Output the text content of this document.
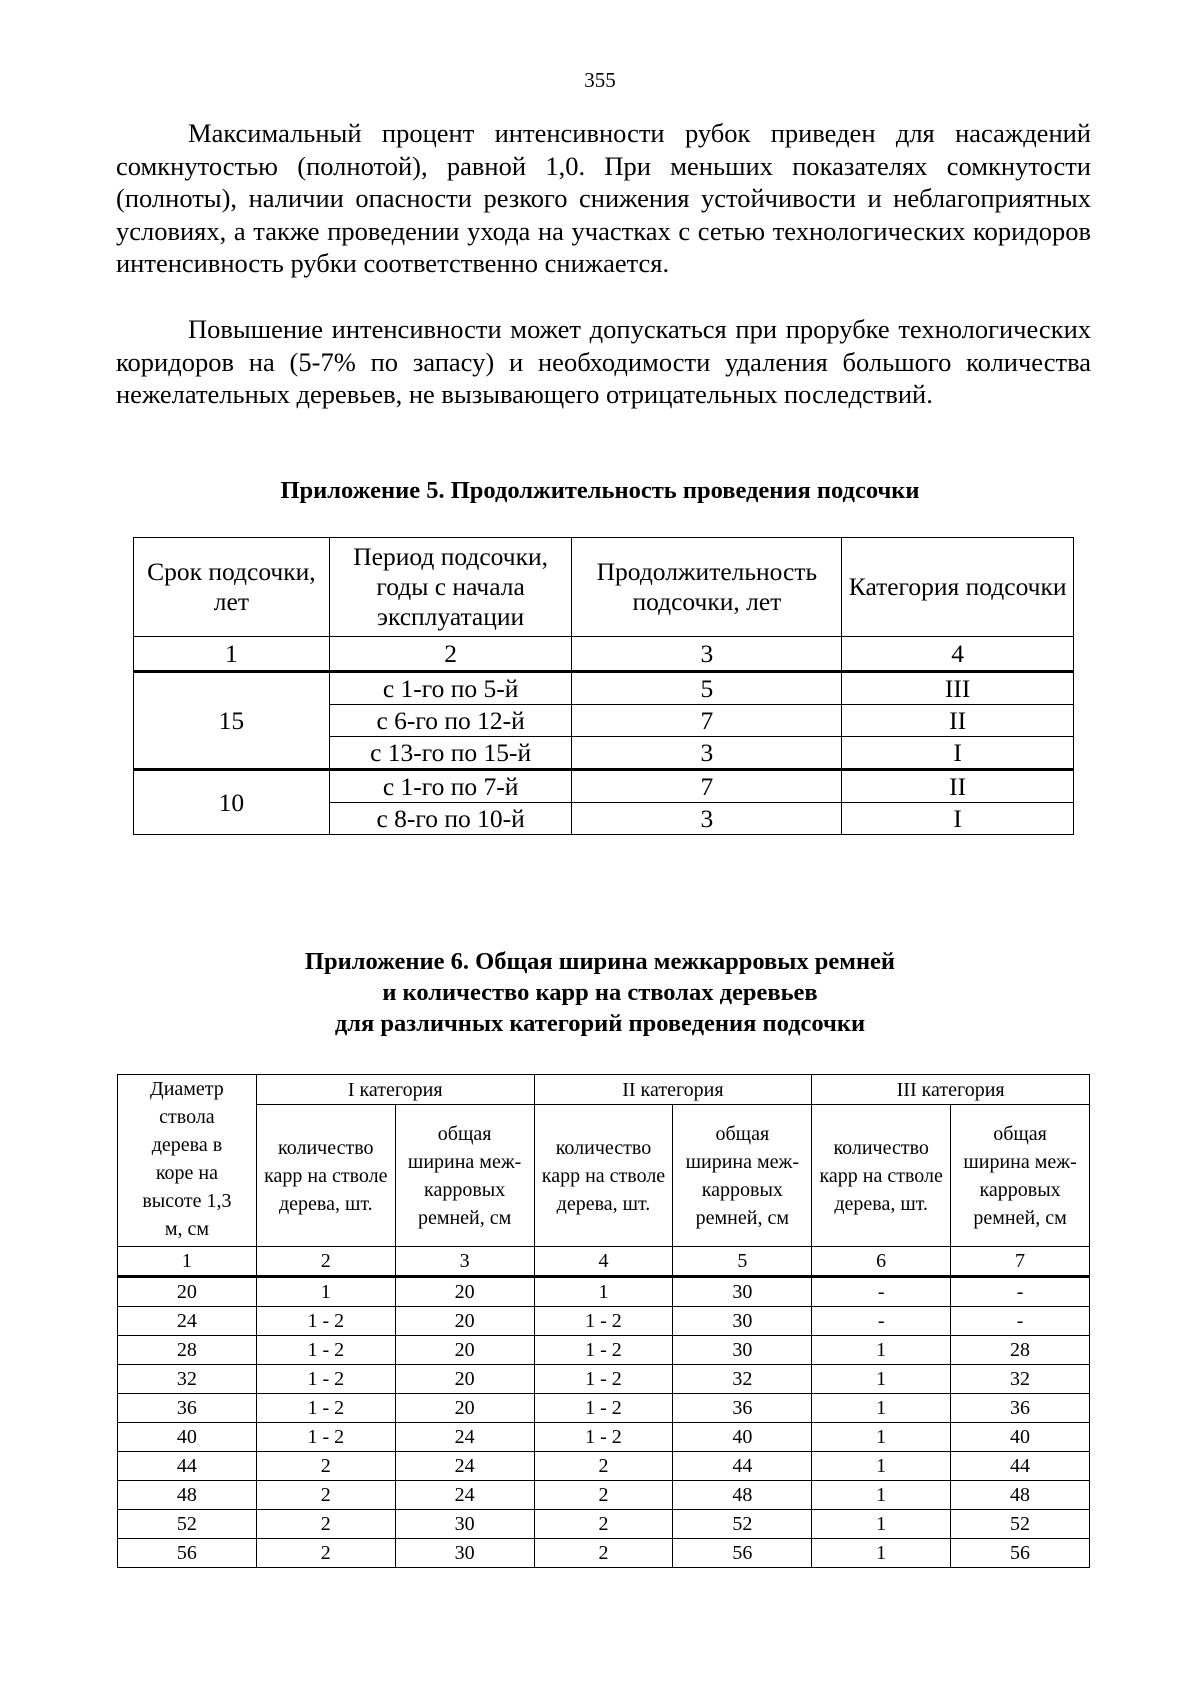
355

Максимальный процент интенсивности рубок приведен для насаждений сомкнутостью (полнотой), равной 1,0. При меньших показателях сомкнутости (полноты), наличии опасности резкого снижения устойчивости и неблагоприятных условиях, а также проведении ухода на участках с сетью технологических коридоров интенсивность рубки соответственно снижается.

Повышение интенсивности может допускаться при прорубке технологических коридоров на (5-7% по запасу) и необходимости удаления большого количества нежелательных деревьев, не вызывающего отрицательных последствий.

Приложение 5. Продолжительность проведения подсочки
Срок подсочки, лет	Период подсочки, годы с начала эксплуатации	Продолжительность подсочки, лет	Категория подсочки
1	2	3	4
15	с 1-го по 5-й	5	III
	с 6-го по 12-й	7	II
	с 13-го по 15-й	3	I
10	с 1-го по 7-й	7	II
	с 8-го по 10-й	3	I
Приложение 6. Общая ширина межкарровых ремней
и количество карр на стволах деревьев
для различных категорий проведения подсочки
Диаметр ствола дерева в коре на высоте 1,3 м, см	I категория		II категория		III категория	
	количество карр на стволе дерева, шт.	общая ширина меж-карровых ремней, см	количество карр на стволе дерева, шт.	общая ширина меж-карровых ремней, см	количество карр на стволе дерева, шт.	общая ширина меж-карровых ремней, см
1	2	3	4	5	6	7
20	1	20	1	30	-	-
24	1 - 2	20	1 - 2	30	-	-
28	1 - 2	20	1 - 2	30	1	28
32	1 - 2	20	1 - 2	32	1	32
36	1 - 2	20	1 - 2	36	1	36
40	1 - 2	24	1 - 2	40	1	40
44	2	24	2	44	1	44
48	2	24	2	48	1	48
52	2	30	2	52	1	52
56	2	30	2	56	1	56
